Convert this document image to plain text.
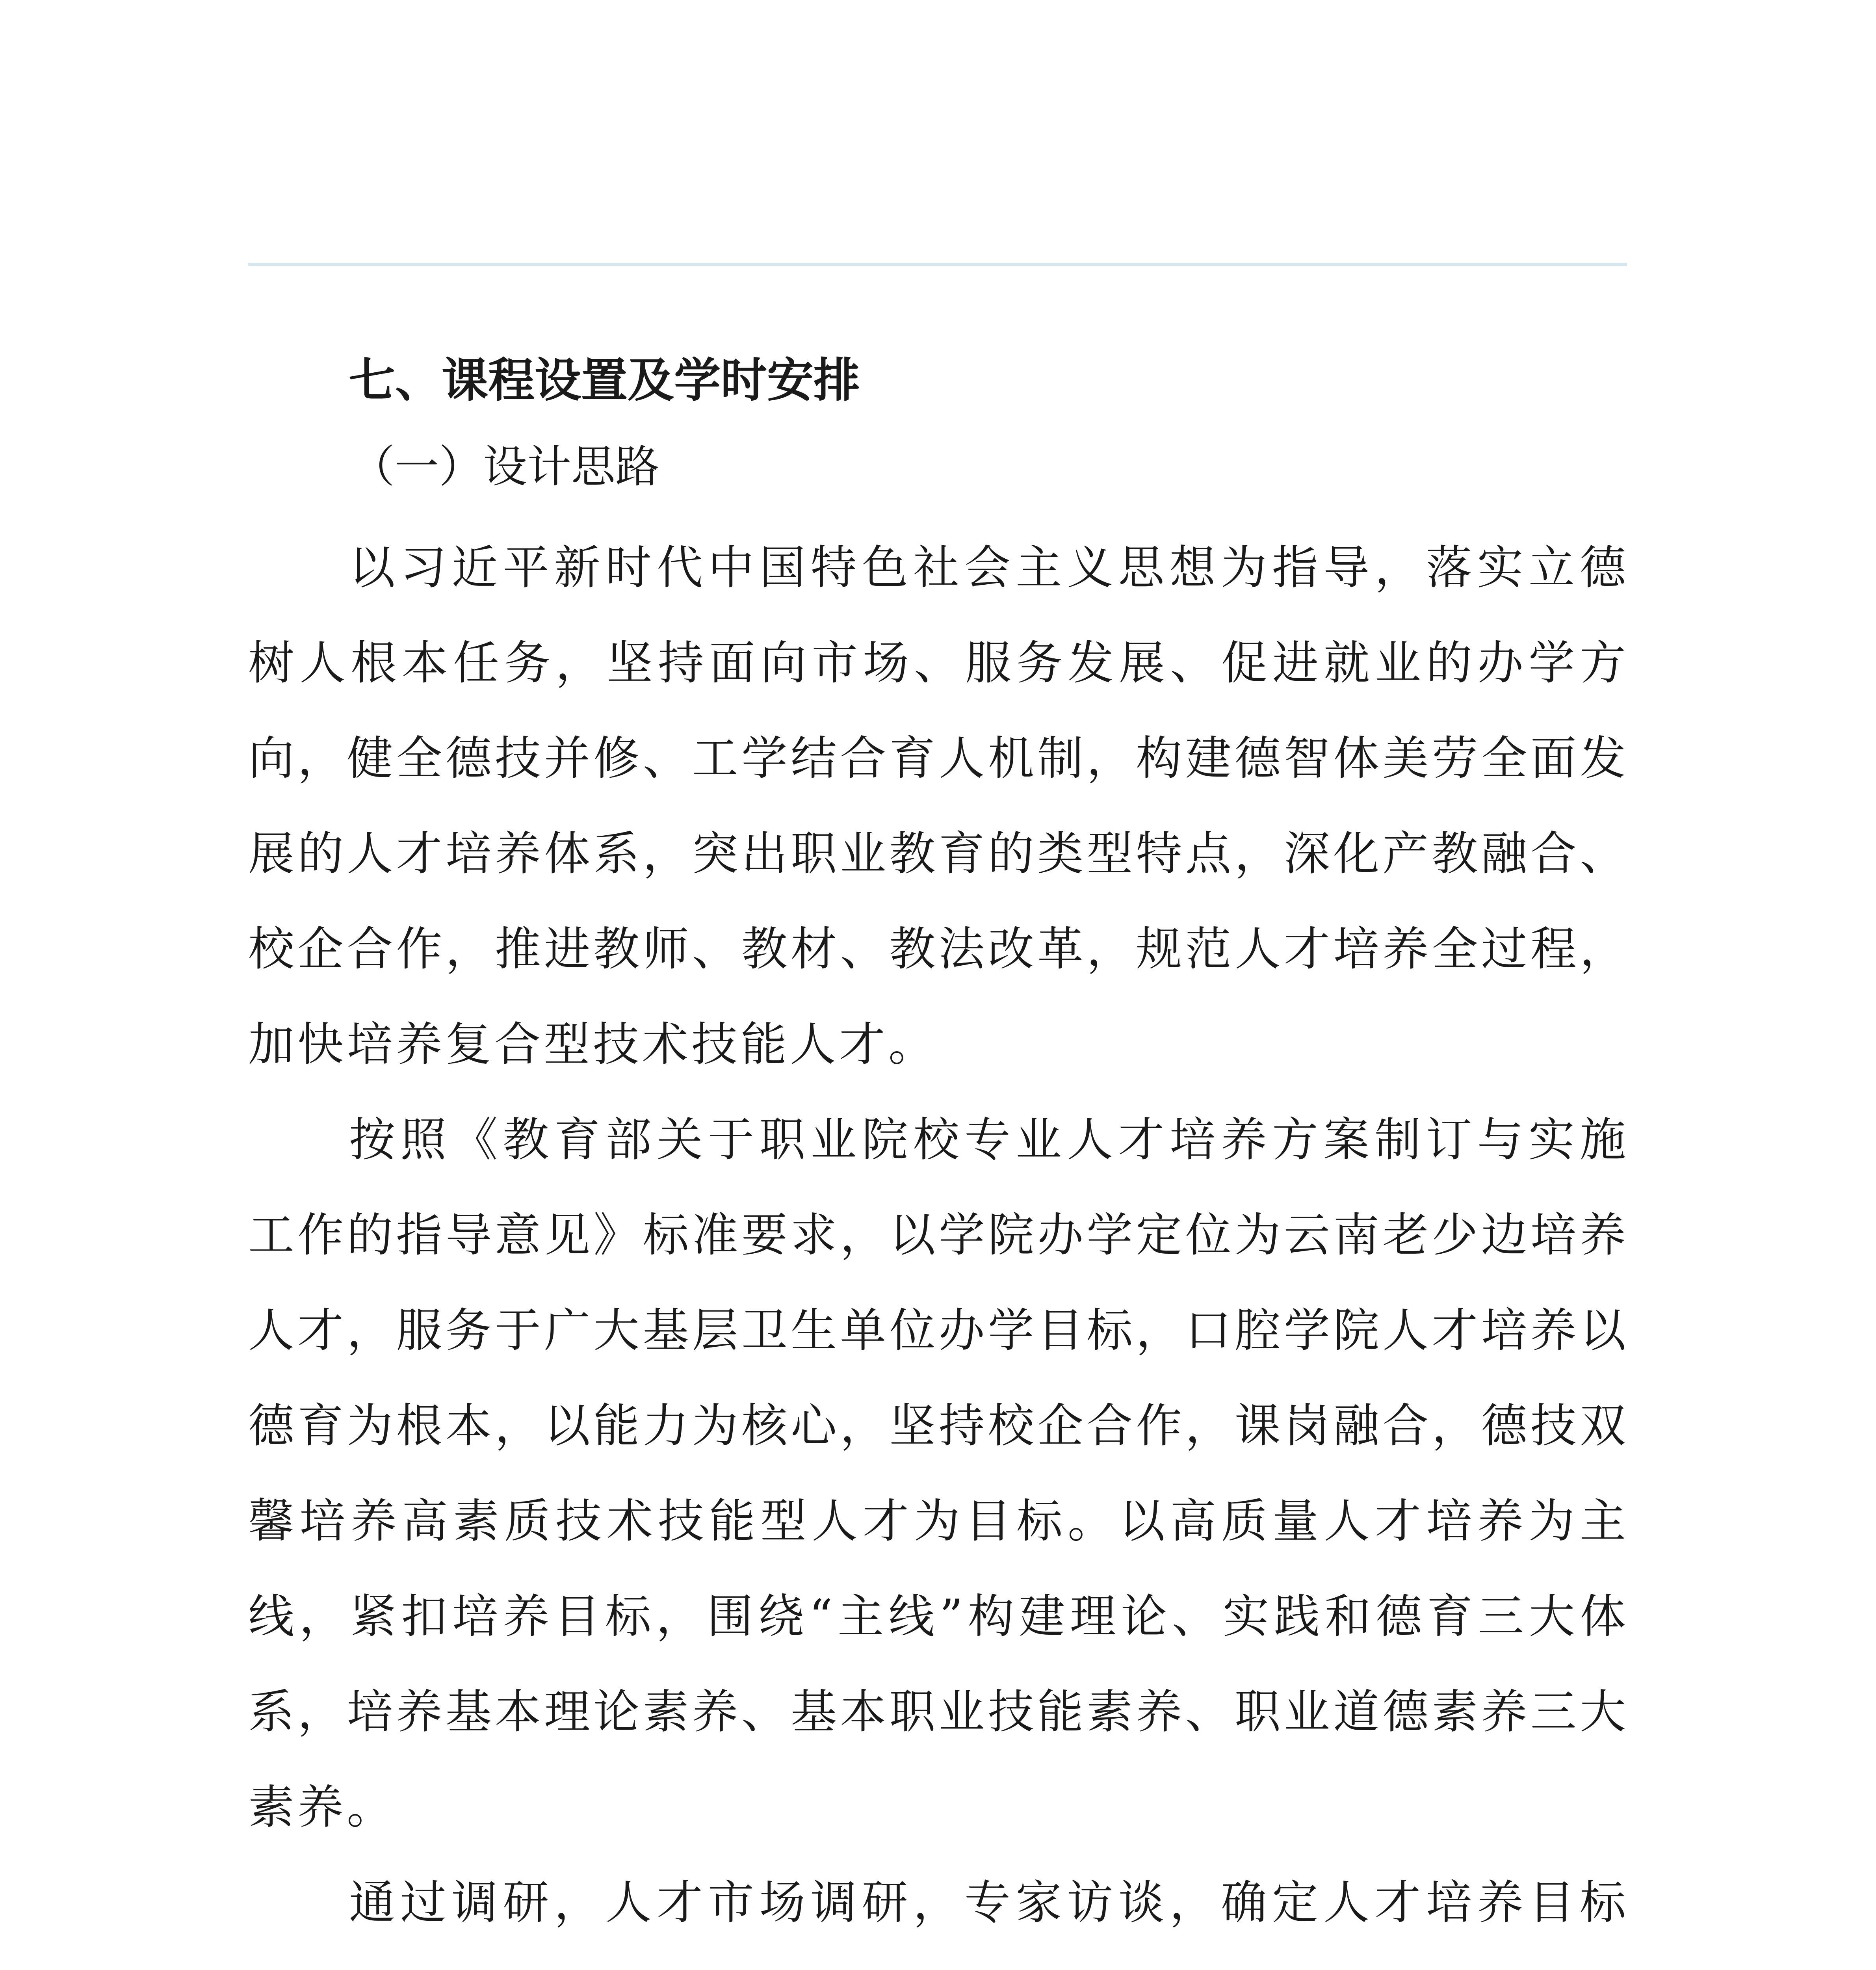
七、课程设置及学时安排
（一）设计思路

以习近平新时代中国特色社会主义思想为指导，落实立德树人根本任务，坚持面向市场、服务发展、促进就业的办学方向，健全德技并修、工学结合育人机制，构建德智体美劳全面发展的人才培养体系，突出职业教育的类型特点，深化产教融合、校企合作，推进教师、教材、教法改革，规范人才培养全过程，加快培养复合型技术技能人才。

按照《教育部关于职业院校专业人才培养方案制订与实施工作的指导意见》标准要求，以学院办学定位为云南老少边培养人才，服务于广大基层卫生单位办学目标，口腔学院人才培养以德育为根本，以能力为核心，坚持校企合作，课岗融合，德技双馨培养高素质技术技能型人才为目标。以高质量人才培养为主线，紧扣培养目标，围绕“主线”构建理论、实践和德育三大体系，培养基本理论素养、基本职业技能素养、职业道德素养三大素养。

通过调研，人才市场调研，专家访谈，确定人才培养目标
